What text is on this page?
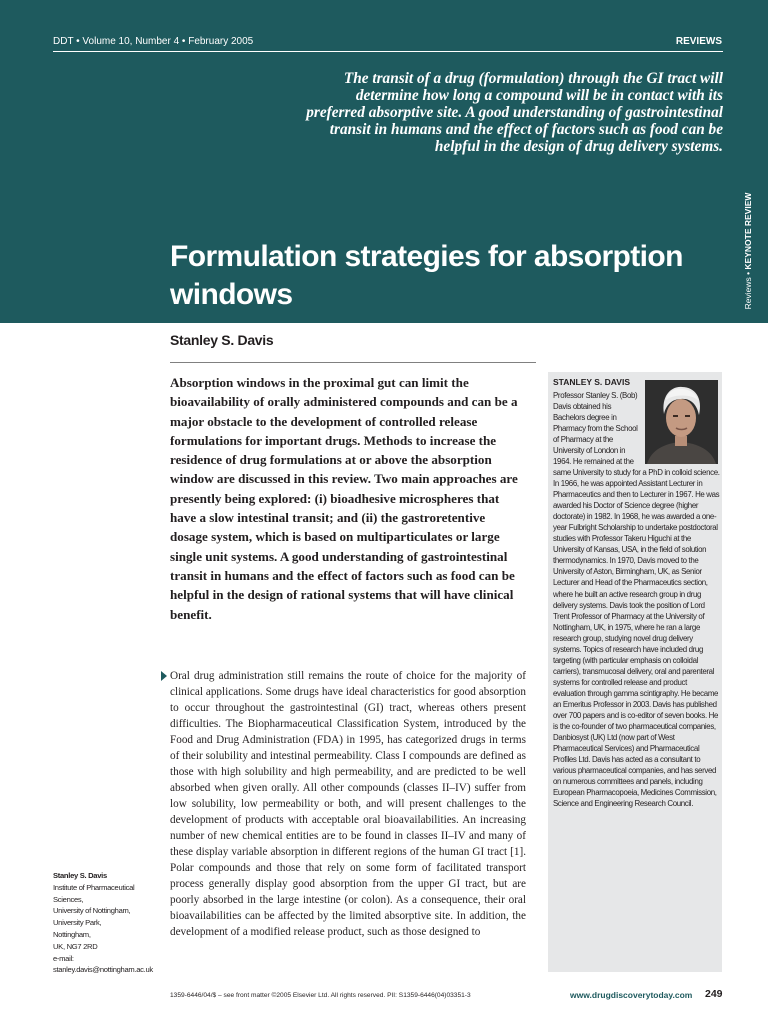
DDT • Volume 10, Number 4 • February 2005	REVIEWS

The transit of a drug (formulation) through the GI tract will determine how long a compound will be in contact with its preferred absorptive site. A good understanding of gastrointestinal transit in humans and the effect of factors such as food can be helpful in the design of drug delivery systems.

Formulation strategies for absorption windows	Reviews • KEYNOTE REVIEW
Stanley S. Davis

Absorption windows in the proximal gut can limit the bioavailability of orally administered compounds and can be a major obstacle to the development of controlled release formulations for important drugs. Methods to increase the residence of drug formulations at or above the absorption window are discussed in this review. Two main approaches are presently being explored: (i) bioadhesive microspheres that have a slow intestinal transit; and (ii) the gastroretentive dosage system, which is based on multiparticulates or large single unit systems. A good understanding of gastrointestinal transit in humans and the effect of factors such as food can be helpful in the design of rational systems that will have clinical benefit.

Oral drug administration still remains the route of choice for the majority of clinical applications. Some drugs have ideal characteristics for good absorption to occur throughout the gastrointestinal (GI) tract, whereas others present difficulties. The Biopharmaceutical Classification System, introduced by the Food and Drug Administration (FDA) in 1995, has categorized drugs in terms of their solubility and intestinal permeability. Class I compounds are defined as those with high solubility and high permeability, and are predicted to be well absorbed when given orally. All other compounds (classes II–IV) suffer from low solubility, low permeability or both, and will present challenges to the development of products with acceptable oral bioavailabilities. An increasing number of new chemical entities are to be found in classes II–IV and many of these display variable absorption in different regions of the human GI tract [1]. Polar compounds and those that rely on some form of facilitated transport process generally display good absorption from the upper GI tract, but are poorly absorbed in the large intestine (or colon). As a consequence, their oral bioavailabilities can be affected by the limited absorptive site. In addition, the development of a modified release product, such as those designed to

STANLEY S. DAVIS

Professor Stanley S. (Bob) Davis obtained his Bachelors degree in Pharmacy from the School of Pharmacy at the University of London in 1964. He remained at the

same University to study for a PhD in colloid science. In 1966, he was appointed Assistant Lecturer in Pharmaceutics and then to Lecturer in 1967. He was awarded his Doctor of Science degree (higher doctorate) in 1982. In 1968, he was awarded a one-year Fulbright Scholarship to undertake postdoctoral studies with Professor Takeru Higuchi at the University of Kansas, USA, in the field of solution thermodynamics. In 1970, Davis moved to the University of Aston, Birmingham, UK, as Senior Lecturer and Head of the Pharmaceutics section, where he built an active research group in drug delivery systems. Davis took the position of Lord Trent Professor of Pharmacy at the University of Nottingham, UK, in 1975, where he ran a large research group, studying novel drug delivery systems. Topics of research have included drug targeting (with particular emphasis on colloidal carriers), transmucosal delivery, oral and parenteral systems for controlled release and product evaluation through gamma scintigraphy. He became an Emeritus Professor in 2003. Davis has published over 700 papers and is co-editor of seven books. He is the co-founder of two pharmaceutical companies, Danbiosyst (UK) Ltd (now part of West Pharmaceutical Services) and Pharmaceutical Profiles Ltd. Davis has acted as a consultant to various pharmaceutical companies, and has served on numerous committees and panels, including European Pharmacopoeia, Medicines Commission, Science and Engineering Research Council.

Stanley S. Davis
Institute of Pharmaceutical
Sciences,
University of Nottingham,
University Park,
Nottingham,
UK, NG7 2RD
e-mail:
stanley.davis@nottingham.ac.uk
1359-6446/04/$ – see front matter ©2005 Elsevier Ltd. All rights reserved. PII: S1359-6446(04)03351-3	www.drugdiscoverytoday.com 249
